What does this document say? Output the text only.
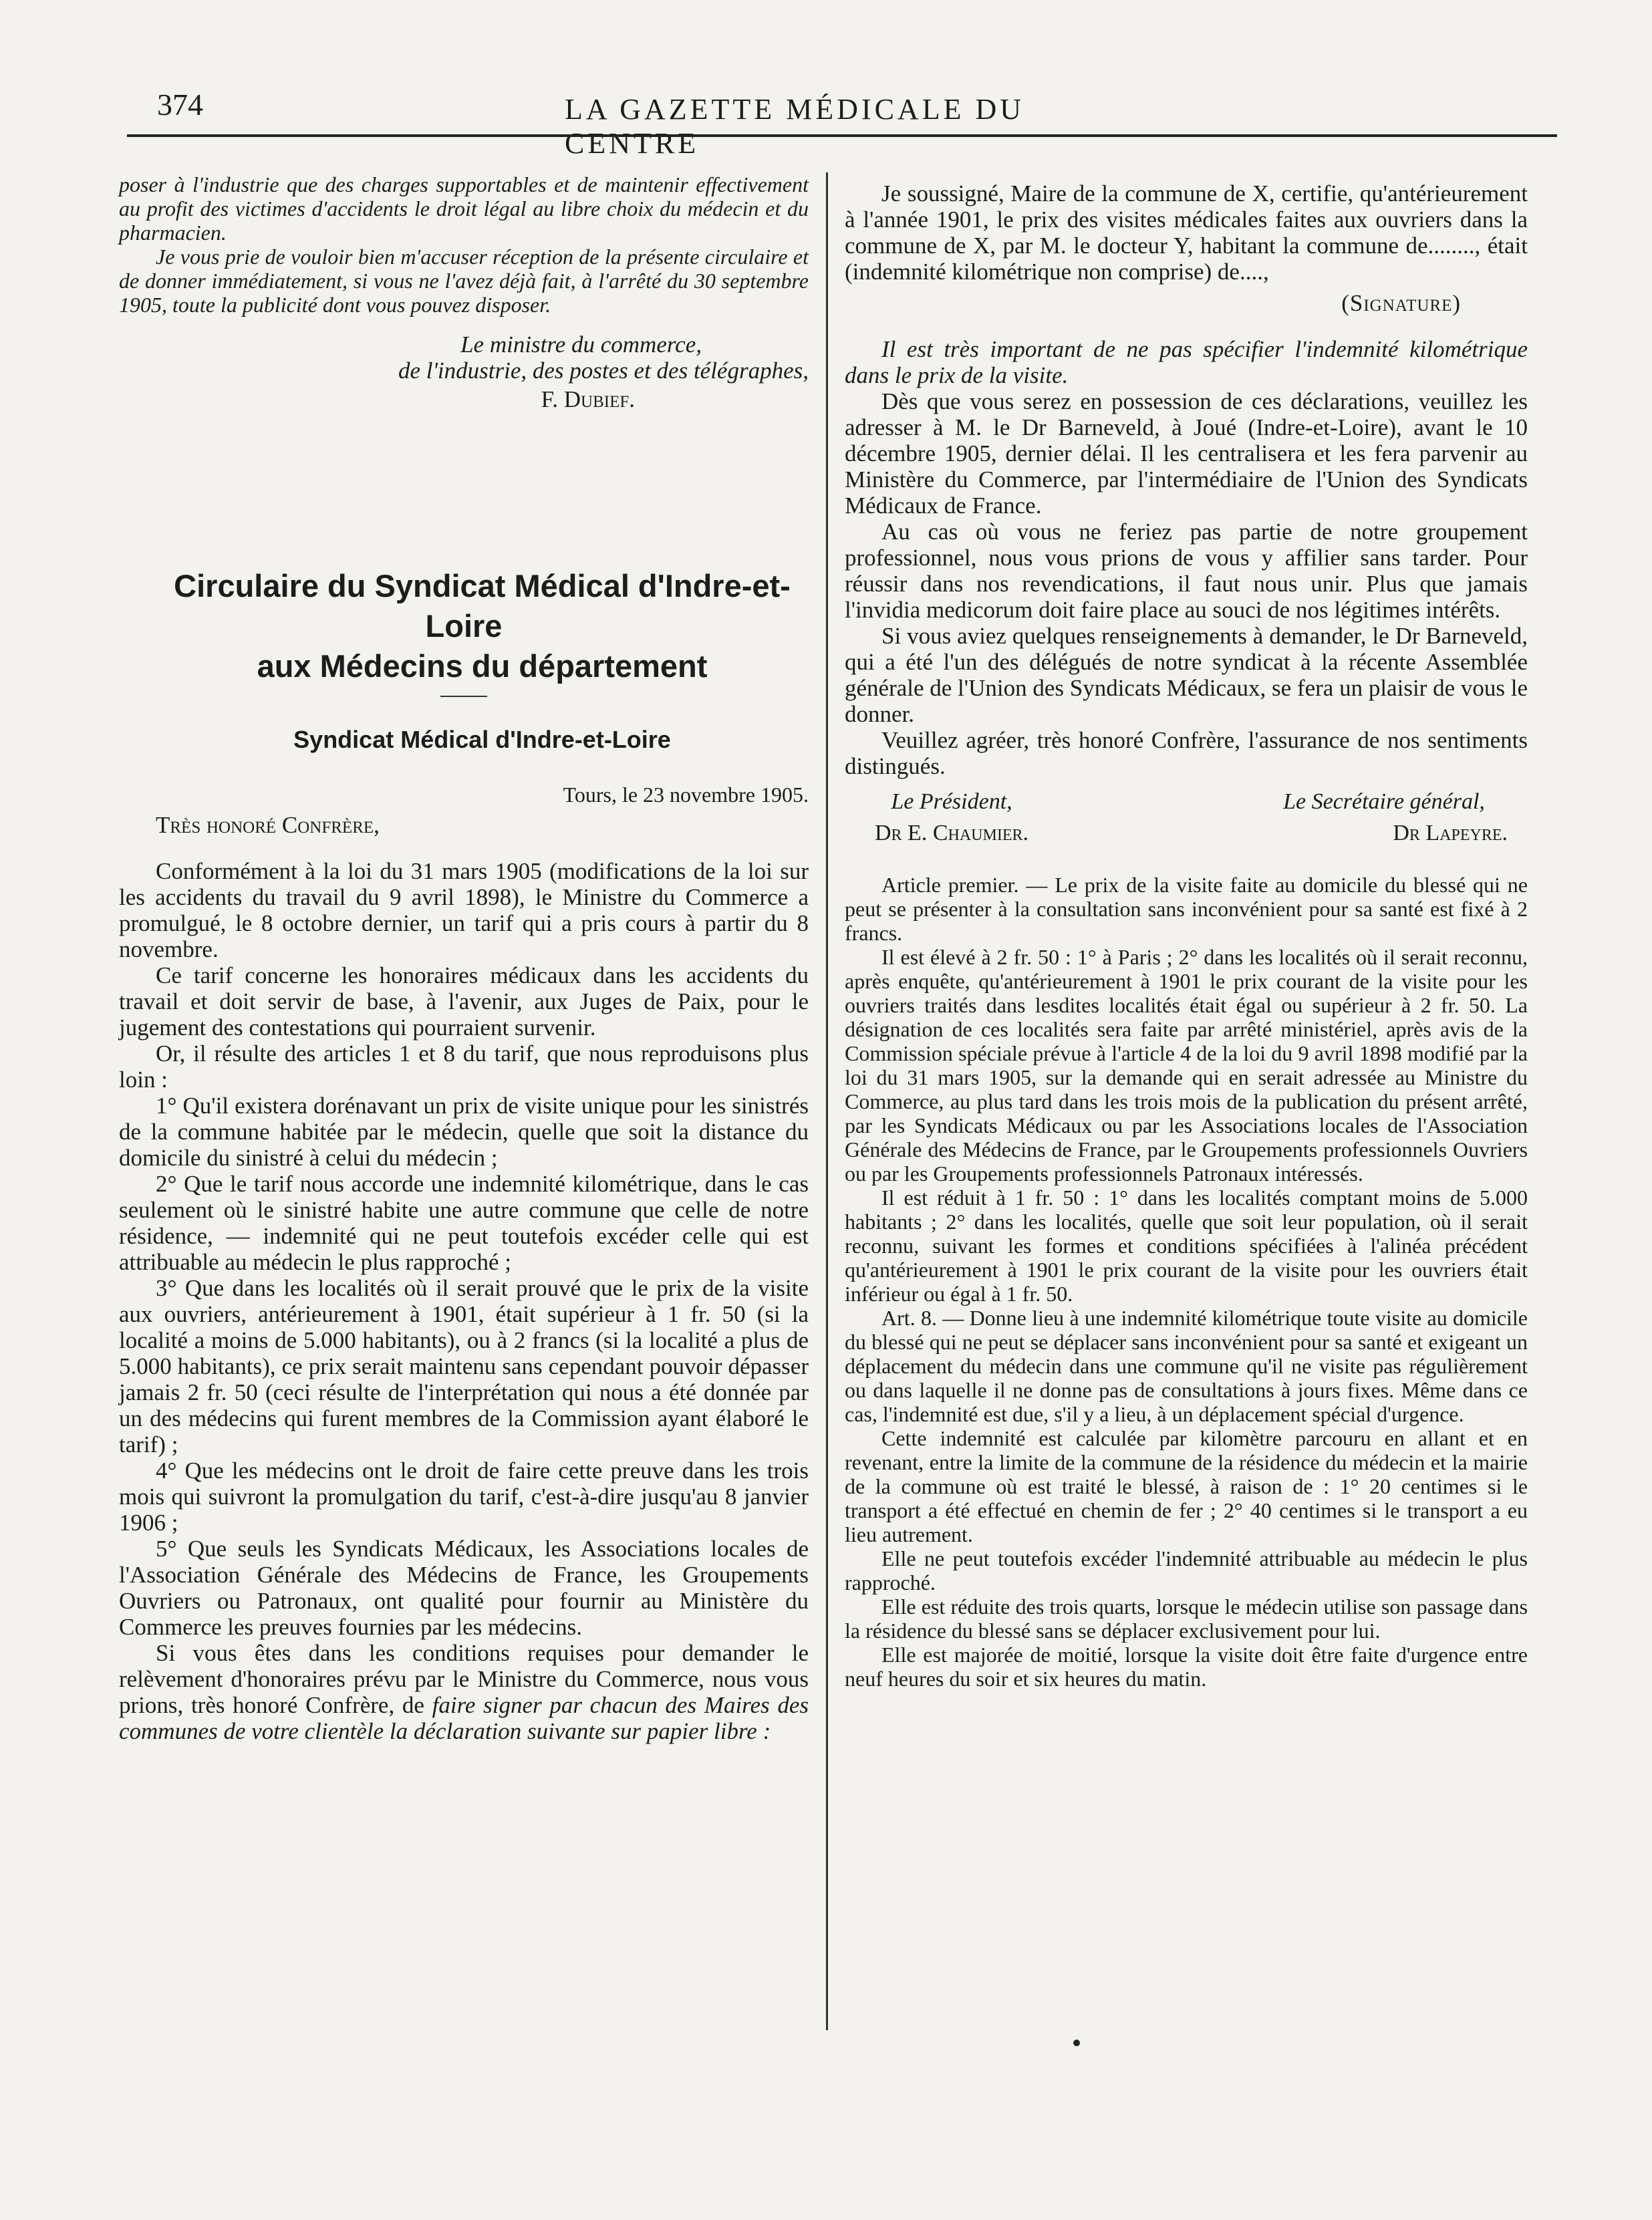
374	LA GAZETTE MÉDICALE DU CENTRE

poser à l'industrie que des charges supportables et de maintenir effectivement au profit des victimes d'accidents le droit légal au libre choix du médecin et du pharmacien.

Je vous prie de vouloir bien m'accuser réception de la présente circulaire et de donner immédiatement, si vous ne l'avez déjà fait, à l'arrêté du 30 septembre 1905, toute la publicité dont vous pouvez disposer.

Le ministre du commerce,

de l'industrie, des postes et des télégraphes,

F. Dubief.

Circulaire du Syndicat Médical d'Indre-et-Loire

aux Médecins du département

Syndicat Médical d'Indre-et-Loire

Tours, le 23 novembre 1905.

Très honoré Confrère,

Conformément à la loi du 31 mars 1905 (modifications de la loi sur les accidents du travail du 9 avril 1898), le Ministre du Commerce a promulgué, le 8 octobre dernier, un tarif qui a pris cours à partir du 8 novembre.

Ce tarif concerne les honoraires médicaux dans les accidents du travail et doit servir de base, à l'avenir, aux Juges de Paix, pour le jugement des contestations qui pourraient survenir.

Or, il résulte des articles 1 et 8 du tarif, que nous reproduisons plus loin :

1° Qu'il existera dorénavant un prix de visite unique pour les sinistrés de la commune habitée par le médecin, quelle que soit la distance du domicile du sinistré à celui du médecin ;

2° Que le tarif nous accorde une indemnité kilométrique, dans le cas seulement où le sinistré habite une autre commune que celle de notre résidence, — indemnité qui ne peut toutefois excéder celle qui est attribuable au médecin le plus rapproché ;

3° Que dans les localités où il serait prouvé que le prix de la visite aux ouvriers, antérieurement à 1901, était supérieur à 1 fr. 50 (si la localité a moins de 5.000 habitants), ou à 2 francs (si la localité a plus de 5.000 habitants), ce prix serait maintenu sans cependant pouvoir dépasser jamais 2 fr. 50 (ceci résulte de l'interprétation qui nous a été donnée par un des médecins qui furent membres de la Commission ayant élaboré le tarif) ;

4° Que les médecins ont le droit de faire cette preuve dans les trois mois qui suivront la promulgation du tarif, c'est-à-dire jusqu'au 8 janvier 1906 ;

5° Que seuls les Syndicats Médicaux, les Associations locales de l'Association Générale des Médecins de France, les Groupements Ouvriers ou Patronaux, ont qualité pour fournir au Ministère du Commerce les preuves fournies par les médecins.

Si vous êtes dans les conditions requises pour demander le relèvement d'honoraires prévu par le Ministre du Commerce, nous vous prions, très honoré Confrère, de faire signer par chacun des Maires des communes de votre clientèle la déclaration suivante sur papier libre :

Je soussigné, Maire de la commune de X, certifie, qu'antérieurement à l'année 1901, le prix des visites médicales faites aux ouvriers dans la commune de X, par M. le docteur Y, habitant la commune de........, était (indemnité kilométrique non comprise) de....,

(Signature)

Il est très important de ne pas spécifier l'indemnité kilométrique dans le prix de la visite.

Dès que vous serez en possession de ces déclarations, veuillez les adresser à M. le Dr Barneveld, à Joué (Indre-et-Loire), avant le 10 décembre 1905, dernier délai. Il les centralisera et les fera parvenir au Ministère du Commerce, par l'intermédiaire de l'Union des Syndicats Médicaux de France.

Au cas où vous ne feriez pas partie de notre groupement professionnel, nous vous prions de vous y affilier sans tarder. Pour réussir dans nos revendications, il faut nous unir. Plus que jamais l'invidia medicorum doit faire place au souci de nos légitimes intérêts.

Si vous aviez quelques renseignements à demander, le Dr Barneveld, qui a été l'un des délégués de notre syndicat à la récente Assemblée générale de l'Union des Syndicats Médicaux, se fera un plaisir de vous le donner.

Veuillez agréer, très honoré Confrère, l'assurance de nos sentiments distingués.

Le Président,
Dr E. Chaumier.
Le Secrétaire général,
Dr Lapeyre.

Article premier. — Le prix de la visite faite au domicile du blessé qui ne peut se présenter à la consultation sans inconvénient pour sa santé est fixé à 2 francs.

Il est élevé à 2 fr. 50 : 1° à Paris ; 2° dans les localités où il serait reconnu, après enquête, qu'antérieurement à 1901 le prix courant de la visite pour les ouvriers traités dans lesdites localités était égal ou supérieur à 2 fr. 50. La désignation de ces localités sera faite par arrêté ministériel, après avis de la Commission spéciale prévue à l'article 4 de la loi du 9 avril 1898 modifié par la loi du 31 mars 1905, sur la demande qui en serait adressée au Ministre du Commerce, au plus tard dans les trois mois de la publication du présent arrêté, par les Syndicats Médicaux ou par les Associations locales de l'Association Générale des Médecins de France, par le Groupements professionnels Ouvriers ou par les Groupements professionnels Patronaux intéressés.

Il est réduit à 1 fr. 50 : 1° dans les localités comptant moins de 5.000 habitants ; 2° dans les localités, quelle que soit leur population, où il serait reconnu, suivant les formes et conditions spécifiées à l'alinéa précédent qu'antérieurement à 1901 le prix courant de la visite pour les ouvriers était inférieur ou égal à 1 fr. 50.

Art. 8. — Donne lieu à une indemnité kilométrique toute visite au domicile du blessé qui ne peut se déplacer sans inconvénient pour sa santé et exigeant un déplacement du médecin dans une commune qu'il ne visite pas régulièrement ou dans laquelle il ne donne pas de consultations à jours fixes. Même dans ce cas, l'indemnité est due, s'il y a lieu, à un déplacement spécial d'urgence.

Cette indemnité est calculée par kilomètre parcouru en allant et en revenant, entre la limite de la commune de la résidence du médecin et la mairie de la commune où est traité le blessé, à raison de : 1° 20 centimes si le transport a été effectué en chemin de fer ; 2° 40 centimes si le transport a eu lieu autrement.

Elle ne peut toutefois excéder l'indemnité attribuable au médecin le plus rapproché.

Elle est réduite des trois quarts, lorsque le médecin utilise son passage dans la résidence du blessé sans se déplacer exclusivement pour lui.

Elle est majorée de moitié, lorsque la visite doit être faite d'urgence entre neuf heures du soir et six heures du matin.
